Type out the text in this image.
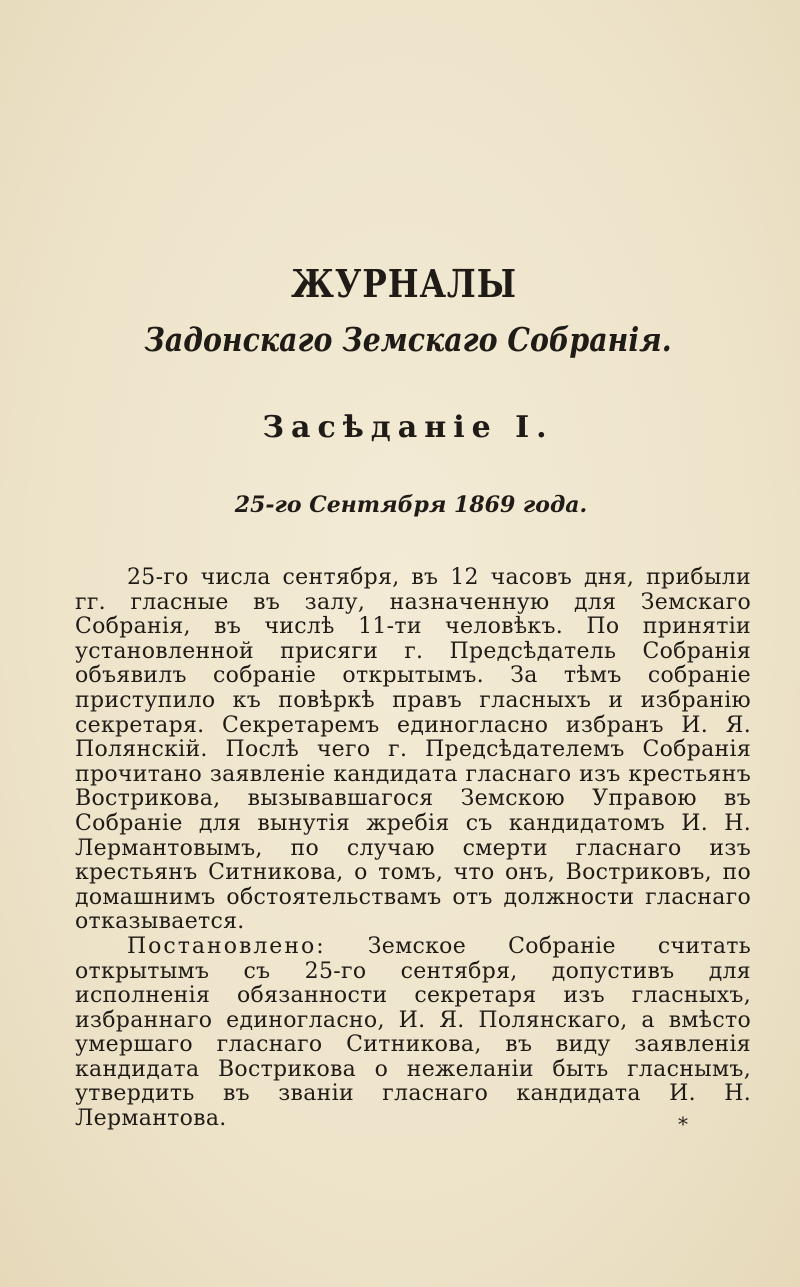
ЖУРНАЛЫ
Задонскаго Земскаго Собранія.
Засѣданіе I.
25-го Сентября 1869 года.

25-го числа сентября, въ 12 часовъ дня, прибыли гг. гласные въ залу, назначенную для Земскаго Собранія, въ числѣ 11-ти человѣкъ. По принятіи установленной присяги г. Предсѣдатель Собранія объявилъ собраніе открытымъ. За тѣмъ собраніе приступило къ повѣркѣ правъ гласныхъ и избранію секретаря. Секретаремъ единогласно избранъ И. Я. Полянскій. Послѣ чего г. Предсѣдателемъ Собранія прочитано заявленіе кандидата гласнаго изъ крестьянъ Вострикова, вызывавшагося Земскою Управою въ Собраніе для вынутія жребія съ кандидатомъ И. Н. Лермантовымъ, по случаю смерти гласнаго изъ крестьянъ Ситникова, о томъ, что онъ, Востриковъ, по домашнимъ обстоятельствамъ отъ должности гласнаго отказывается.

Постановлено: Земское Собраніе считать открытымъ съ 25-го сентября, допустивъ для исполненія обязанности секретаря изъ гласныхъ, избраннаго единогласно, И. Я. Полянскаго, а вмѣсто умершаго гласнаго Ситникова, въ виду заявленія кандидата Вострикова о нежеланіи быть гласнымъ, утвердить въ званіи гласнаго кандидата И. Н. Лермантова.	*
